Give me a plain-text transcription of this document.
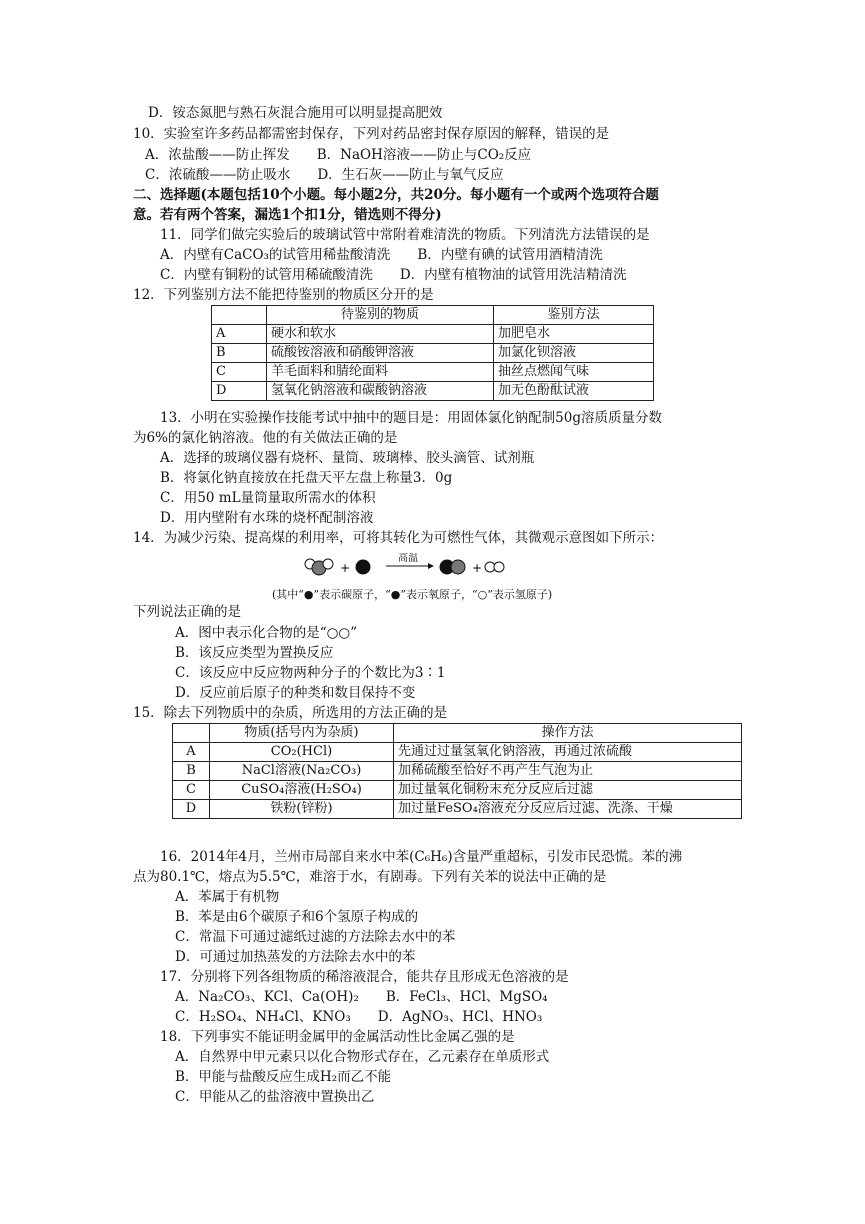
D．铵态氮肥与熟石灰混合施用可以明显提高肥效
10．实验室许多药品都需密封保存，下列对药品密封保存原因的解释，错误的是
A．浓盐酸——防止挥发　　B．NaOH溶液——防止与CO₂反应
C．浓硫酸——防止吸水　　D．生石灰——防止与氧气反应
二、选择题(本题包括10个小题。每小题2分，共20分。每小题有一个或两个选项符合题
意。若有两个答案，漏选1个扣1分，错选则不得分)
11．同学们做完实验后的玻璃试管中常附着难清洗的物质。下列清洗方法错误的是
A．内壁有CaCO₃的试管用稀盐酸清洗　　B．内壁有碘的试管用酒精清洗
C．内壁有铜粉的试管用稀硫酸清洗　　D．内壁有植物油的试管用洗洁精清洗
12．下列鉴别方法不能把待鉴别的物质区分开的是
	待鉴别的物质	鉴别方法
A	硬水和软水	加肥皂水
B	硫酸铵溶液和硝酸钾溶液	加氯化钡溶液
C	羊毛面料和腈纶面料	抽丝点燃闻气味
D	氢氧化钠溶液和碳酸钠溶液	加无色酚酞试液
13．小明在实验操作技能考试中抽中的题目是：用固体氯化钠配制50g溶质质量分数
为6%的氯化钠溶液。他的有关做法正确的是
A．选择的玻璃仪器有烧杯、量筒、玻璃棒、胶头滴管、试剂瓶
B．将氯化钠直接放在托盘天平左盘上称量3．0g
C．用50 mL量筒量取所需水的体积
D．用内壁附有水珠的烧杯配制溶液
14．为减少污染、提高煤的利用率，可将其转化为可燃性气体，其微观示意图如下所示：
+
高温
+
(其中“●”表示碳原子，“●”表示氧原子，“○”表示氢原子)
下列说法正确的是
A．图中表示化合物的是“○○”
B．该反应类型为置换反应
C．该反应中反应物两种分子的个数比为3∶1
D．反应前后原子的种类和数目保持不变
15．除去下列物质中的杂质，所选用的方法正确的是
	物质(括号内为杂质)	操作方法
A	CO₂(HCl)	先通过过量氢氧化钠溶液，再通过浓硫酸
B	NaCl溶液(Na₂CO₃)	加稀硫酸至恰好不再产生气泡为止
C	CuSO₄溶液(H₂SO₄)	加过量氧化铜粉末充分反应后过滤
D	铁粉(锌粉)	加过量FeSO₄溶液充分反应后过滤、洗涤、干燥
16．2014年4月，兰州市局部自来水中苯(C₆H₆)含量严重超标，引发市民恐慌。苯的沸
点为80.1℃，熔点为5.5℃，难溶于水，有剧毒。下列有关苯的说法中正确的是
A．苯属于有机物
B．苯是由6个碳原子和6个氢原子构成的
C．常温下可通过滤纸过滤的方法除去水中的苯
D．可通过加热蒸发的方法除去水中的苯
17．分别将下列各组物质的稀溶液混合，能共存且形成无色溶液的是
A．Na₂CO₃、KCl、Ca(OH)₂　　B．FeCl₃、HCl、MgSO₄
C．H₂SO₄、NH₄Cl、KNO₃　　D．AgNO₃、HCl、HNO₃
18．下列事实不能证明金属甲的金属活动性比金属乙强的是
A．自然界中甲元素只以化合物形式存在，乙元素存在单质形式
B．甲能与盐酸反应生成H₂而乙不能
C．甲能从乙的盐溶液中置换出乙
